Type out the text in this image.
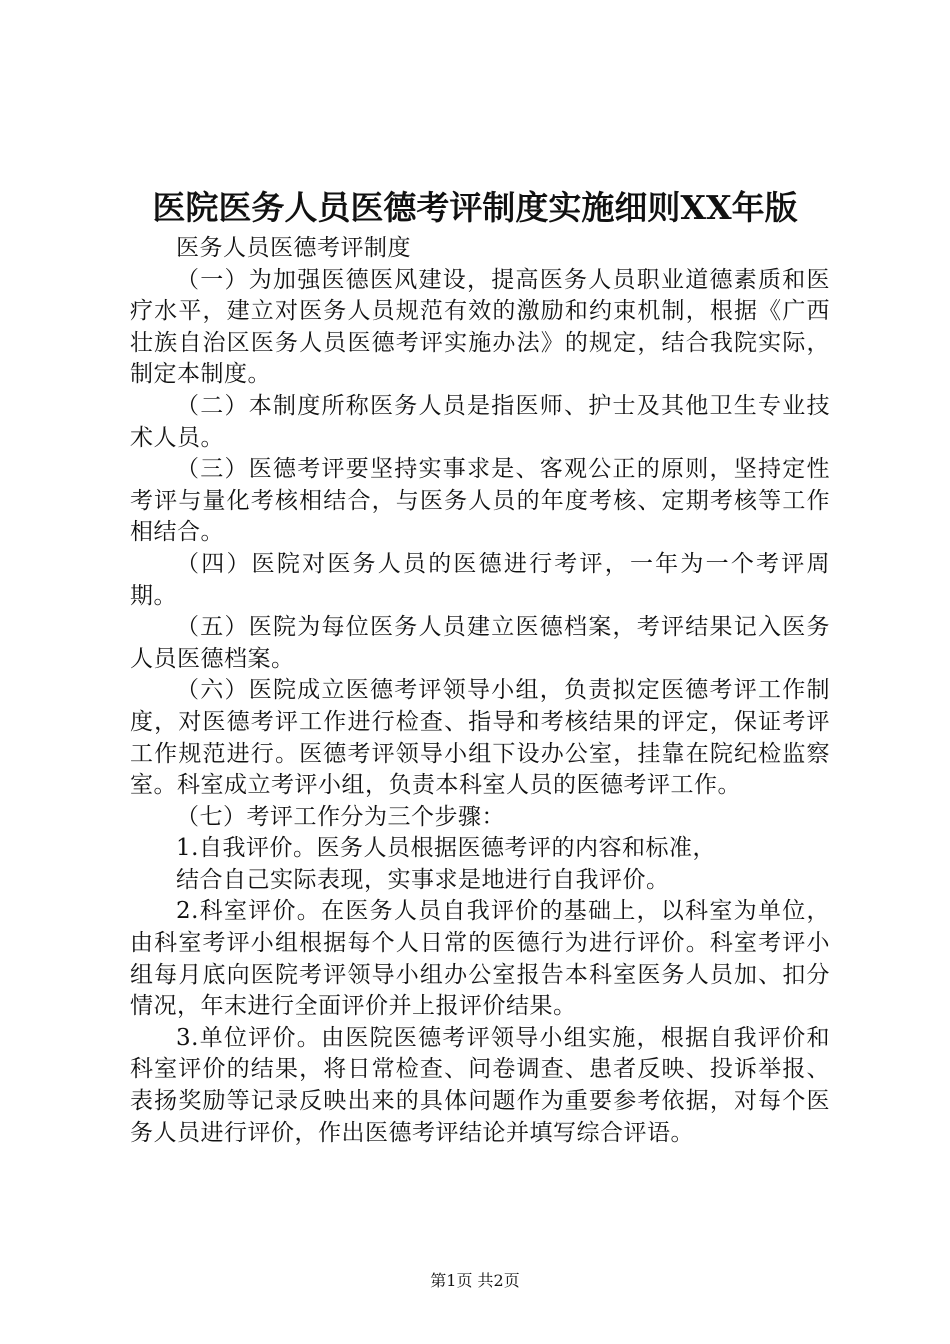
医院医务人员医德考评制度实施细则XX年版

医务人员医德考评制度

（一）为加强医德医风建设，提高医务人员职业道德素质和医疗水平，建立对医务人员规范有效的激励和约束机制，根据《广西壮族自治区医务人员医德考评实施办法》的规定，结合我院实际，制定本制度。

（二）本制度所称医务人员是指医师、护士及其他卫生专业技术人员。

（三）医德考评要坚持实事求是、客观公正的原则，坚持定性考评与量化考核相结合，与医务人员的年度考核、定期考核等工作相结合。

（四）医院对医务人员的医德进行考评，一年为一个考评周期。

（五）医院为每位医务人员建立医德档案，考评结果记入医务人员医德档案。

（六）医院成立医德考评领导小组，负责拟定医德考评工作制度，对医德考评工作进行检查、指导和考核结果的评定，保证考评工作规范进行。医德考评领导小组下设办公室，挂靠在院纪检监察室。科室成立考评小组，负责本科室人员的医德考评工作。

（七）考评工作分为三个步骤：

1.自我评价。医务人员根据医德考评的内容和标准，

结合自己实际表现，实事求是地进行自我评价。

2.科室评价。在医务人员自我评价的基础上，以科室为单位，由科室考评小组根据每个人日常的医德行为进行评价。科室考评小组每月底向医院考评领导小组办公室报告本科室医务人员加、扣分情况，年末进行全面评价并上报评价结果。

3.单位评价。由医院医德考评领导小组实施，根据自我评价和科室评价的结果，将日常检查、问卷调查、患者反映、投诉举报、表扬奖励等记录反映出来的具体问题作为重要参考依据，对每个医务人员进行评价，作出医德考评结论并填写综合评语。

第1页 共2页
